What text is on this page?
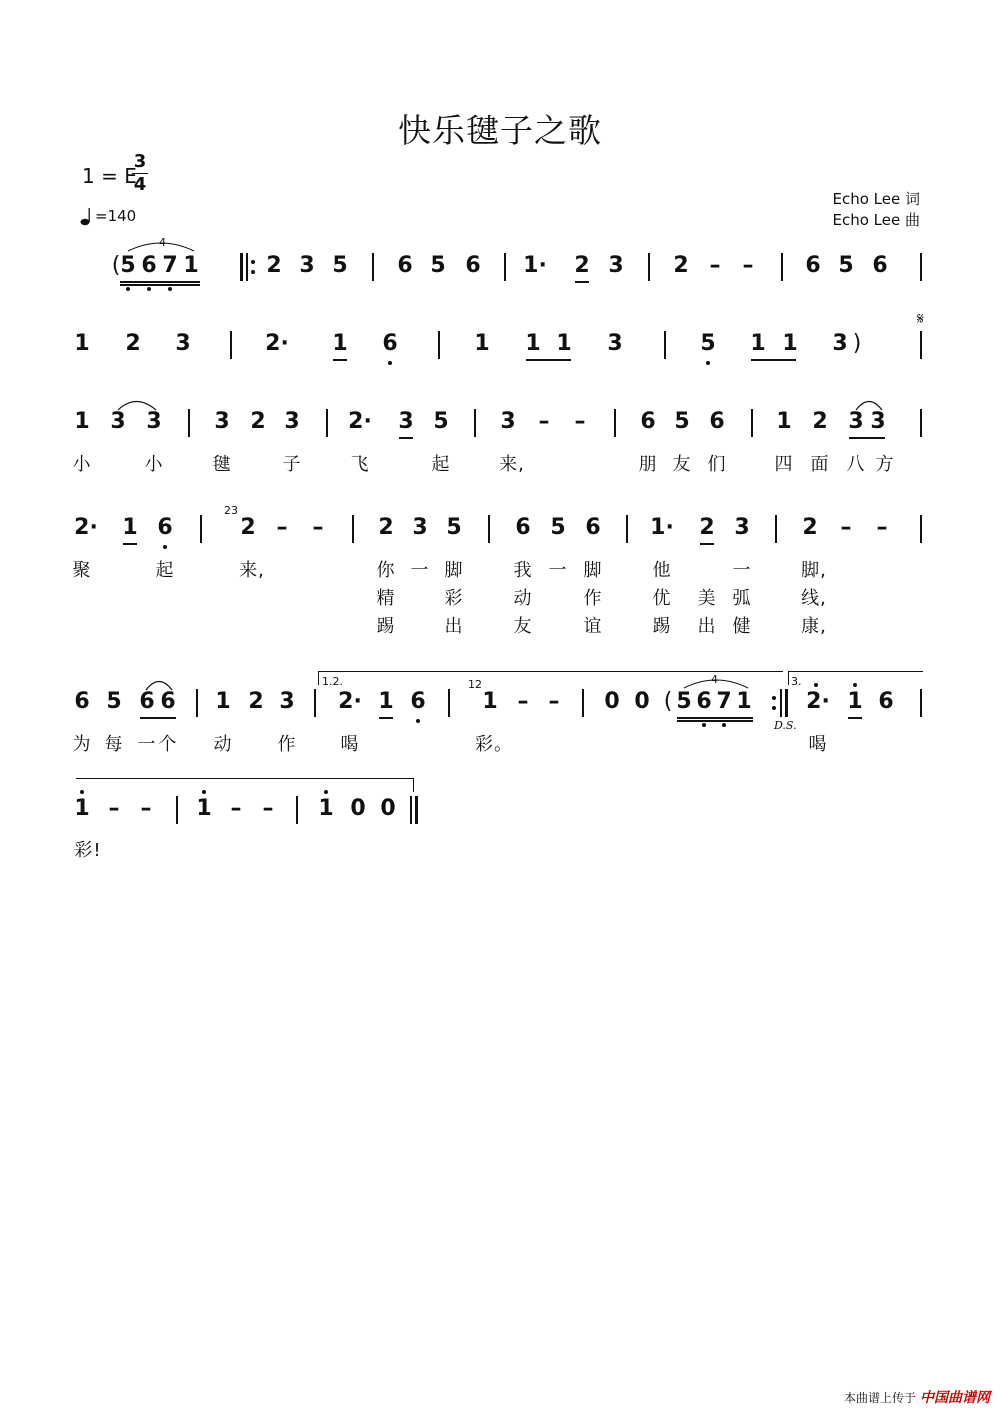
快乐毽子之歌
1 = E
3
4
=140
Echo Lee 词
Echo Lee 曲
( 5 6 7 1
4
2 3 5 6 5 6 1· 2 3 2 – – 6 5 6
1 2 3	2· 1 6	1 1 1 3	5 1 1 3 )
𝄋
1 3 3 3 2 3 2· 3 5 3 – – 6 5 6 1 2 3 3
小	小	毽	子	飞	起	来,	朋 友 们	四 面 八 方
2· 1 6
23
2 – – 2 3 5 6 5 6 1· 2 3 2 – –
聚	起	来,	你 一 脚	我 一 脚	他	一	脚,
精	彩	动	作	优 美 弧	线,
踢	出	友	谊	踢 出 健	康,
6 5 6 6 1 2 3
1.2.
2· 1 6
12
1 – – 0 0 ( 5 6 7 1
4	3.
D.S.
2· 1 6
为 每 一 个 动	作 喝	彩。	喝
1 – – 1 – – 1 0 0
彩!
本曲谱上传于 中国曲谱网
